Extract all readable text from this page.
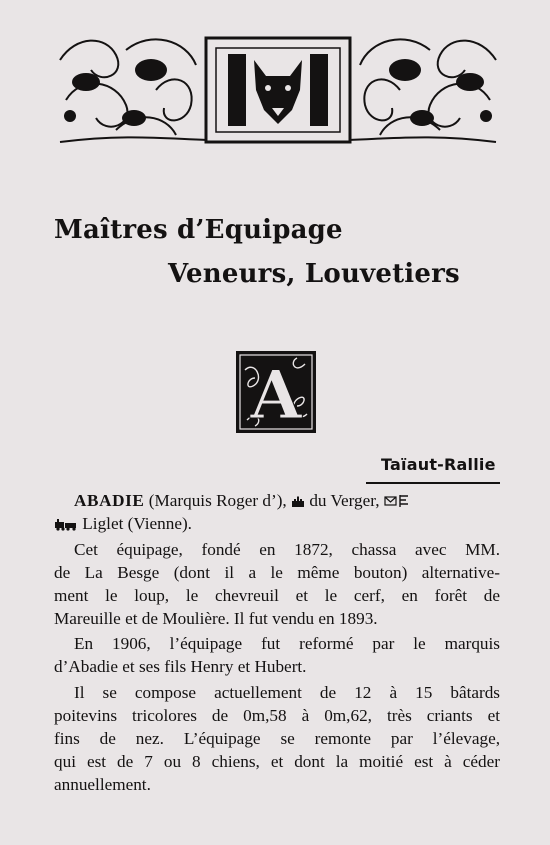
Maîtres d’Equipage
Veneurs, Louvetiers
A
Taïaut-Rallie
ABADIE (Marquis Roger d’),  du Verger,
Liglet (Vienne).
Cet équipage, fondé en 1872, chassa avec MM.
de La Besge (dont il a le même bouton) alternative-
ment le loup, le chevreuil et le cerf, en forêt de
Mareuille et de Moulière. Il fut vendu en 1893.
En 1906, l’équipage fut reformé par le marquis
d’Abadie et ses fils Henry et Hubert.
Il se compose actuellement de 12 à 15 bâtards
poitevins tricolores de 0m,58 à 0m,62, très criants et
fins de nez. L’équipage se remonte par l’élevage,
qui est de 7 ou 8 chiens, et dont la moitié est à céder
annuellement.
